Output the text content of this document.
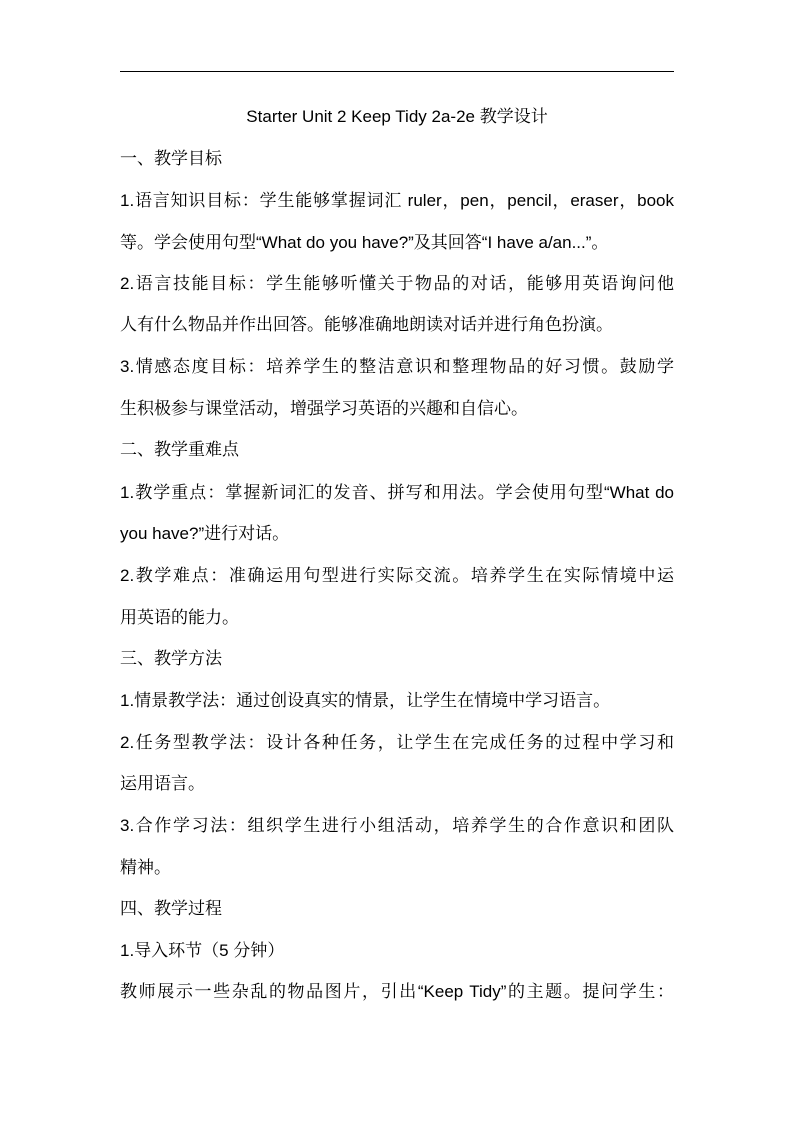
Starter Unit 2 Keep Tidy 2a-2e 教学设计
一、教学目标
1.语言知识目标：学生能够掌握词汇 ruler，pen，pencil，eraser，book
等。学会使用句型“What do you have?”及其回答“I have a/an...”。
2.语言技能目标：学生能够听懂关于物品的对话，能够用英语询问他
人有什么物品并作出回答。能够准确地朗读对话并进行角色扮演。
3.情感态度目标：培养学生的整洁意识和整理物品的好习惯。鼓励学
生积极参与课堂活动，增强学习英语的兴趣和自信心。
二、教学重难点
1.教学重点：掌握新词汇的发音、拼写和用法。学会使用句型“What do
you have?”进行对话。
2.教学难点：准确运用句型进行实际交流。培养学生在实际情境中运
用英语的能力。
三、教学方法
1.情景教学法：通过创设真实的情景，让学生在情境中学习语言。
2.任务型教学法：设计各种任务，让学生在完成任务的过程中学习和
运用语言。
3.合作学习法：组织学生进行小组活动，培养学生的合作意识和团队
精神。
四、教学过程
1.导入环节（5 分钟）
教师展示一些杂乱的物品图片，引出“Keep Tidy”的主题。提问学生：
